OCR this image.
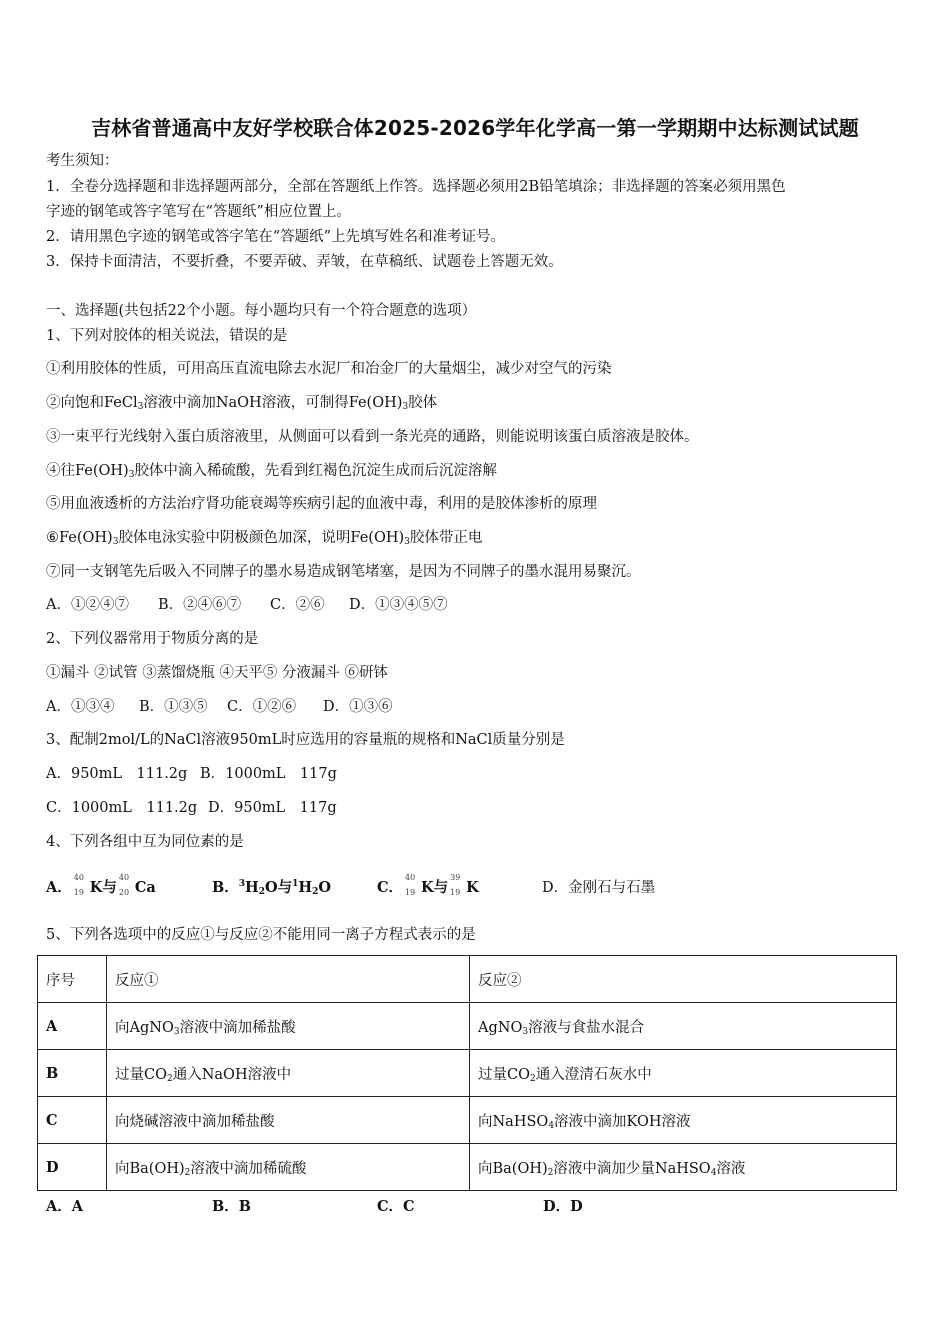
吉林省普通高中友好学校联合体2025-2026学年化学高一第一学期期中达标测试试题
考生须知：
1．全卷分选择题和非选择题两部分，全部在答题纸上作答。选择题必须用2B铅笔填涂；非选择题的答案必须用黑色
字迹的钢笔或答字笔写在“答题纸”相应位置上。
2．请用黑色字迹的钢笔或答字笔在“答题纸”上先填写姓名和准考证号。
3．保持卡面清洁，不要折叠，不要弄破、弄皱，在草稿纸、试题卷上答题无效。
一、选择题(共包括22个小题。每小题均只有一个符合题意的选项）
1、下列对胶体的相关说法，错误的是
①利用胶体的性质，可用高压直流电除去水泥厂和冶金厂的大量烟尘，减少对空气的污染
②向饱和FeCl$_3$溶液中滴加NaOH溶液，可制得$Fe(OH)_3$胶体
③一束平行光线射入蛋白质溶液里，从侧面可以看到一条光亮的通路，则能说明该蛋白质溶液是胶体。
④往$Fe(OH)_3$胶体中滴入稀硫酸，先看到红褐色沉淀生成而后沉淀溶解
⑤用血液透析的方法治疗肾功能衰竭等疾病引起的血液中毒，利用的是胶体渗析的原理
$⑥Fe(OH)_3$胶体电泳实验中阴极颜色加深，说明$Fe(OH)_3$胶体带正电
⑦同一支钢笔先后吸入不同牌子的墨水易造成钢笔堵塞，是因为不同牌子的墨水混用易聚沉。
A．①②④⑦ B．②④⑥⑦ C．②⑥ D．①③④⑤⑦
2、下列仪器常用于物质分离的是
①漏斗 ②试管 ③蒸馏烧瓶 ④天平⑤ 分液漏斗 ⑥研钵
A．①③④ B．①③⑤ C．①②⑥ D．①③⑥
3、配制2mol/L的NaCl溶液950mL时应选用的容量瓶的规格和NaCl质量分别是
A．950mL　111.2g B．1000mL　117g
C．1000mL　111.2g D．950mL　117g
4、下列各组中互为同位素的是
A．
40
19 K与
40
20 Ca	B．$^3H_2O$与$^1H_2O$	C．
40
19 K与
39
19 K	D．金刚石与石墨
5、下列各选项中的反应①与反应②不能用同一离子方程式表示的是
序号	反应①	反应②
A	向AgNO$_3$溶液中滴加稀盐酸	AgNO$_3$溶液与食盐水混合
B	过量$CO_2$通入NaOH溶液中	过量$CO_2$通入澄清石灰水中
C	向烧碱溶液中滴加稀盐酸	向NaHSO$_4$溶液中滴加KOH溶液
D	向$Ba(OH)_2$溶液中滴加稀硫酸	向$Ba(OH)_2$溶液中滴加少量NaHSO$_4$溶液
A．A	B．B	C．C	D．D
